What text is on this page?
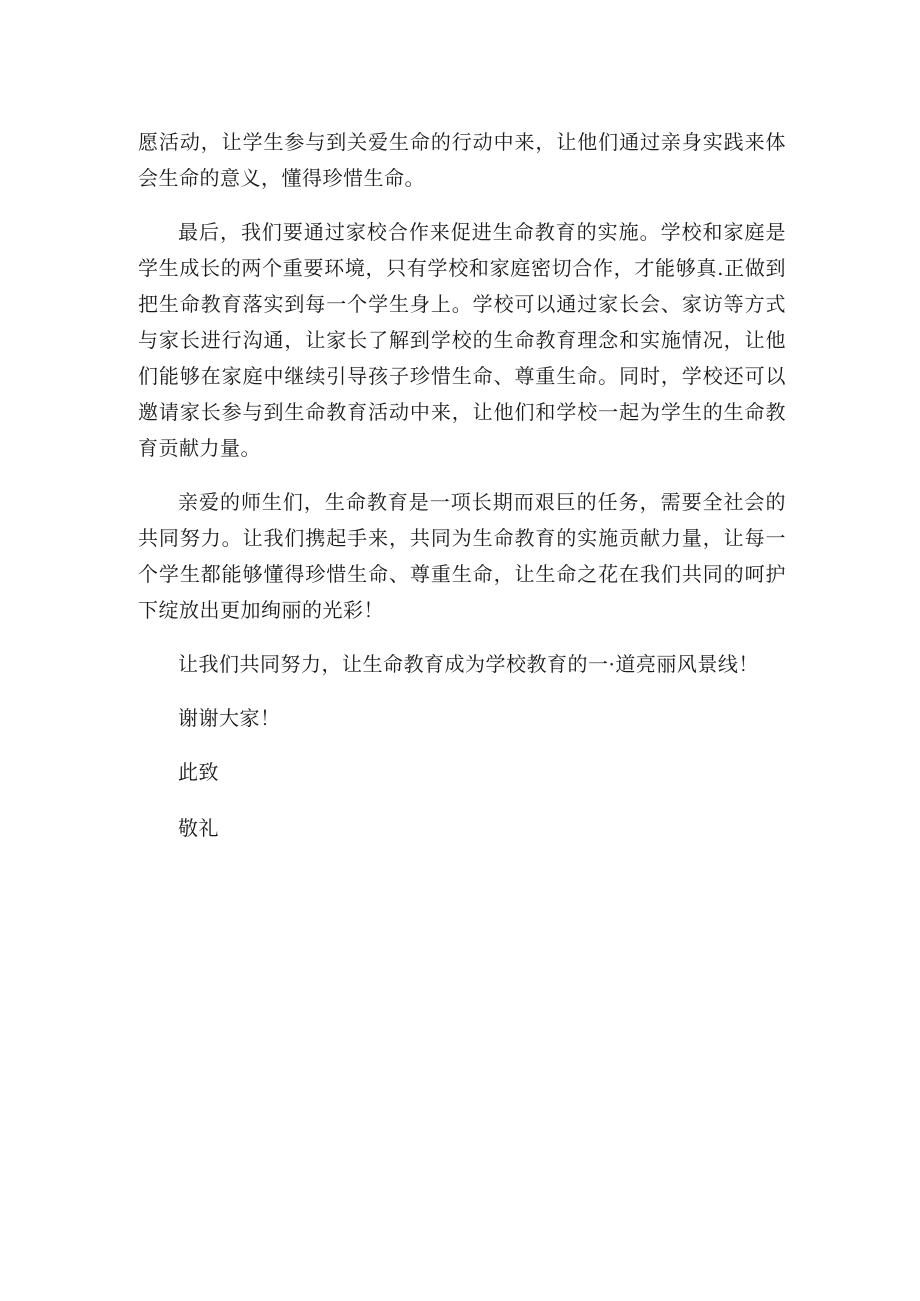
愿活动，让学生参与到关爱生命的行动中来，让他们通过亲身实践来体会生命的意义，懂得珍惜生命。

最后，我们要通过家校合作来促进生命教育的实施。学校和家庭是学生成长的两个重要环境，只有学校和家庭密切合作，才能够真.正做到把生命教育落实到每一个学生身上。学校可以通过家长会、家访等方式与家长进行沟通，让家长了解到学校的生命教育理念和实施情况，让他们能够在家庭中继续引导孩子珍惜生命、尊重生命。同时，学校还可以邀请家长参与到生命教育活动中来，让他们和学校一起为学生的生命教育贡献力量。

亲爱的师生们，生命教育是一项长期而艰巨的任务，需要全社会的共同努力。让我们携起手来，共同为生命教育的实施贡献力量，让每一个学生都能够懂得珍惜生命、尊重生命，让生命之花在我们共同的呵护下绽放出更加绚丽的光彩！

让我们共同努力，让生命教育成为学校教育的一·道亮丽风景线！

谢谢大家！

此致

敬礼
